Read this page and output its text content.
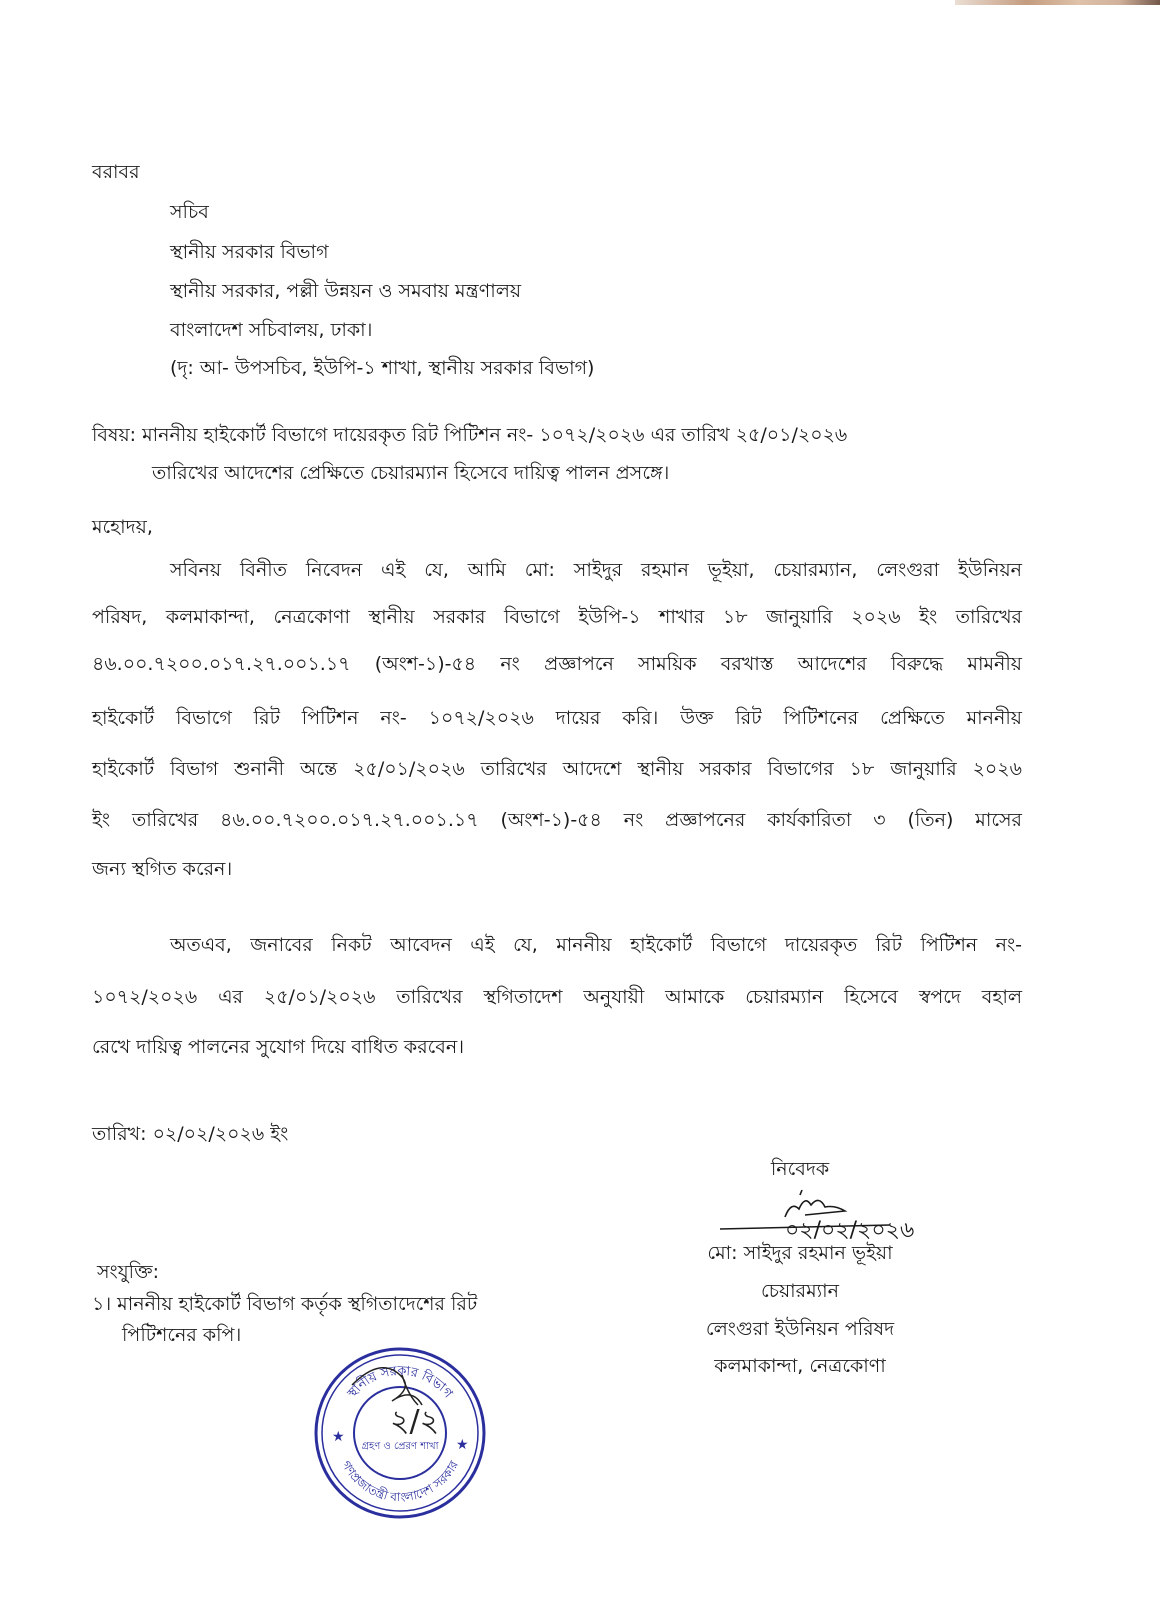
বরাবর
সচিব
স্থানীয় সরকার বিভাগ
স্থানীয় সরকার, পল্লী উন্নয়ন ও সমবায় মন্ত্রণালয়
বাংলাদেশ সচিবালয়, ঢাকা।
(দৃ: আ- উপসচিব, ইউপি-১ শাখা, স্থানীয় সরকার বিভাগ)
বিষয়: মাননীয় হাইকোর্ট বিভাগে দায়েরকৃত রিট পিটিশন নং- ১০৭২/২০২৬ এর তারিখ ২৫/০১/২০২৬
তারিখের আদেশের প্রেক্ষিতে চেয়ারম্যান হিসেবে দায়িত্ব পালন প্রসঙ্গে।
মহোদয়,
সবিনয় বিনীত নিবেদন এই যে, আমি মো: সাইদুর রহমান ভূইয়া, চেয়ারম্যান, লেংগুরা ইউনিয়ন
পরিষদ, কলমাকান্দা, নেত্রকোণা স্থানীয় সরকার বিভাগে ইউপি-১ শাখার ১৮ জানুয়ারি ২০২৬ ইং তারিখের
৪৬.০০.৭২০০.০১৭.২৭.০০১.১৭ (অংশ-১)-৫৪ নং প্রজ্ঞাপনে সাময়িক বরখাস্ত আদেশের বিরুদ্ধে মামনীয়
হাইকোর্ট বিভাগে রিট পিটিশন নং- ১০৭২/২০২৬ দায়ের করি। উক্ত রিট পিটিশনের প্রেক্ষিতে মাননীয়
হাইকোর্ট বিভাগ শুনানী অন্তে ২৫/০১/২০২৬ তারিখের আদেশে স্থানীয় সরকার বিভাগের ১৮ জানুয়ারি ২০২৬
ইং তারিখের ৪৬.০০.৭২০০.০১৭.২৭.০০১.১৭ (অংশ-১)-৫৪ নং প্রজ্ঞাপনের কার্যকারিতা ৩ (তিন) মাসের
জন্য স্থগিত করেন।
অতএব, জনাবের নিকট আবেদন এই যে, মাননীয় হাইকোর্ট বিভাগে দায়েরকৃত রিট পিটিশন নং-
১০৭২/২০২৬ এর ২৫/০১/২০২৬ তারিখের স্থগিতাদেশ অনুযায়ী আমাকে চেয়ারম্যান হিসেবে স্বপদে বহাল
রেখে দায়িত্ব পালনের সুযোগ দিয়ে বাধিত করবেন।
তারিখ: ০২/০২/২০২৬ ইং
সংযুক্তি:
১। মাননীয় হাইকোর্ট বিভাগ কর্তৃক স্থগিতাদেশের রিট
পিটিশনের কপি।
নিবেদক
০২/০২/২০২৬
মো: সাইদুর রহমান ভূইয়া
চেয়ারম্যান
লেংগুরা ইউনিয়ন পরিষদ
কলমাকান্দা, নেত্রকোণা
স্থানীয় সরকার বিভাগ
গণপ্রজাতন্ত্রী বাংলাদেশ সরকার
গ্রহণ ও প্রেরণ শাখা
★	★
২/২
